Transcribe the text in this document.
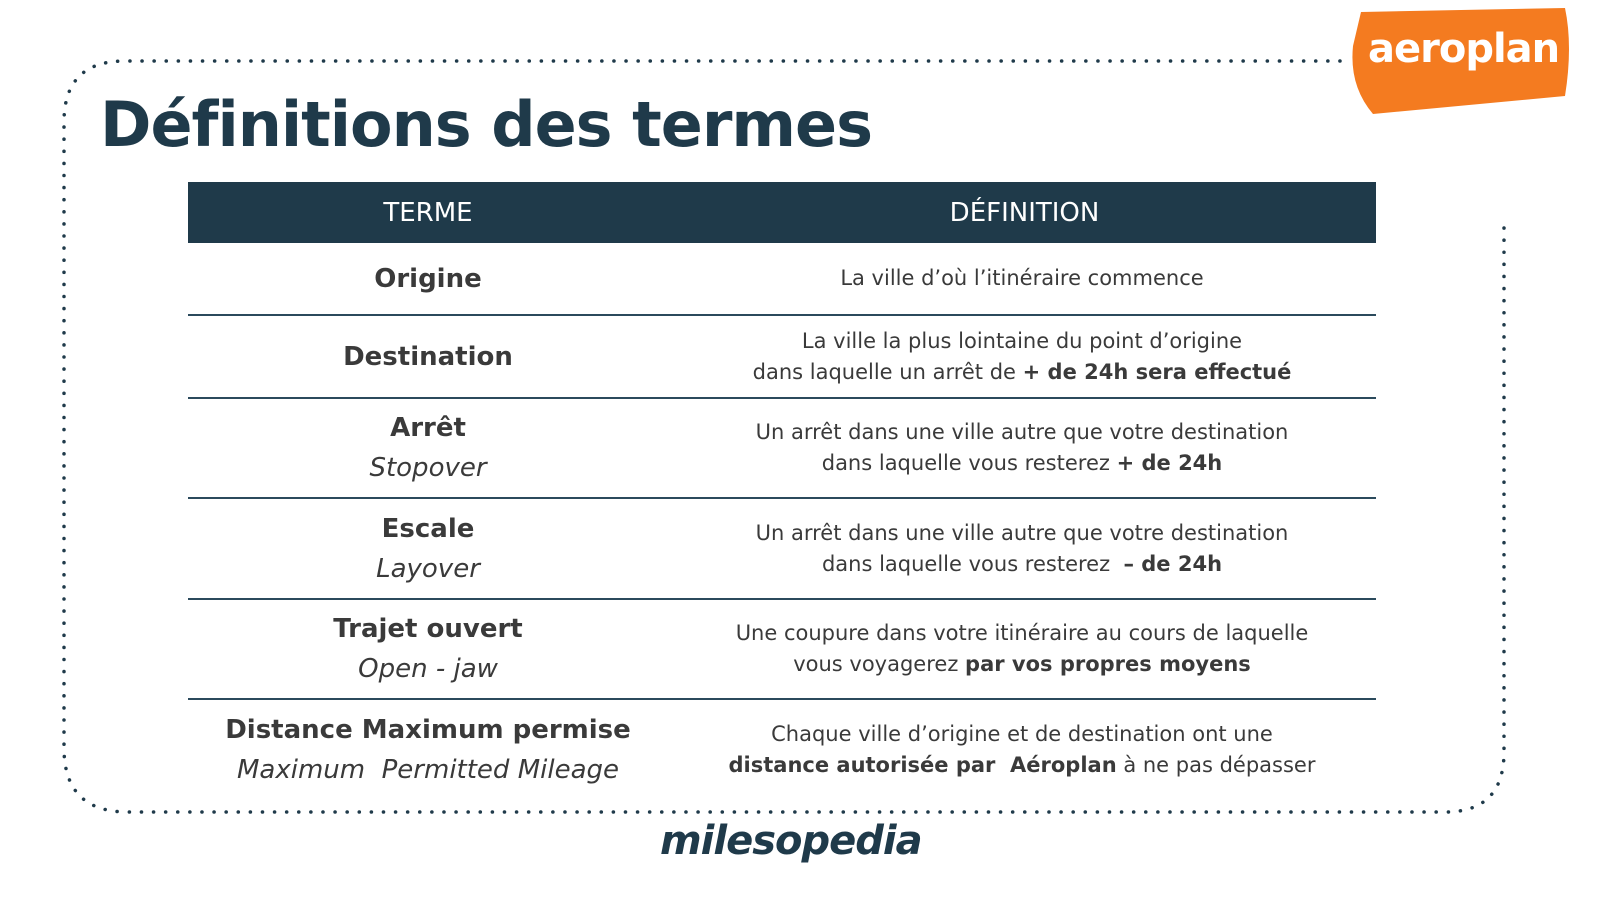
aeroplan
Définitions des termes
TERME	DÉFINITION
Origine	La ville d’où l’itinéraire commence
Destination
La ville la plus lointaine du point d’origine
dans laquelle un arrêt de + de 24h sera effectué
Arrêt
Stopover
Un arrêt dans une ville autre que votre destination
dans laquelle vous resterez + de 24h
Escale
Layover
Un arrêt dans une ville autre que votre destination
dans laquelle vous resterez  – de 24h
Trajet ouvert
Open - jaw
Une coupure dans votre itinéraire au cours de laquelle
vous voyagerez par vos propres moyens
Distance Maximum permise
Maximum  Permitted Mileage
Chaque ville d’origine et de destination ont une
distance autorisée par  Aéroplan à ne pas dépasser
milesopedia
